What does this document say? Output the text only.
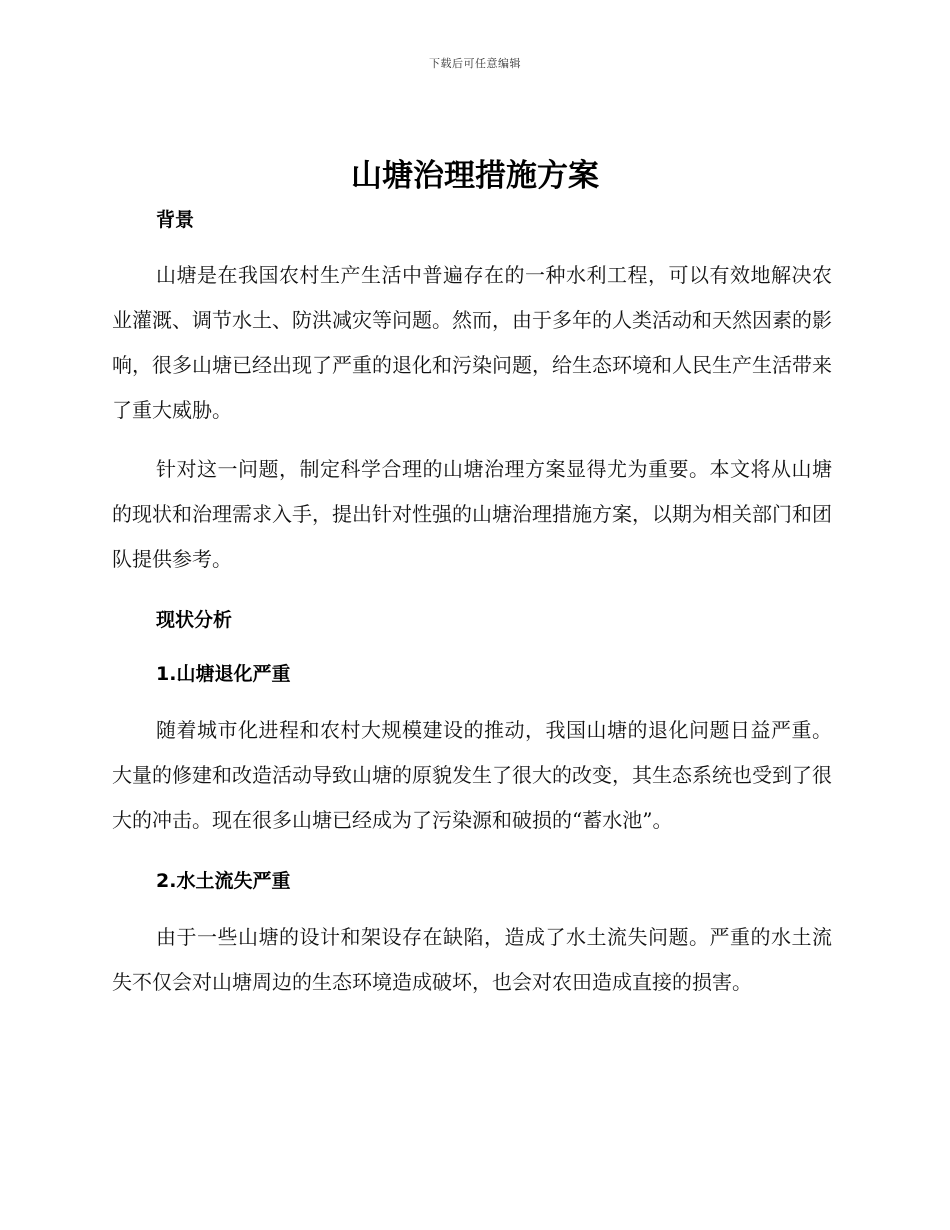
下载后可任意编辑
山塘治理措施方案
背景

山塘是在我国农村生产生活中普遍存在的一种水利工程，可以有效地解决农业灌溉、调节水土、防洪减灾等问题。然而，由于多年的人类活动和天然因素的影响，很多山塘已经出现了严重的退化和污染问题，给生态环境和人民生产生活带来了重大威胁。

针对这一问题，制定科学合理的山塘治理方案显得尤为重要。本文将从山塘的现状和治理需求入手，提出针对性强的山塘治理措施方案，以期为相关部门和团队提供参考。

现状分析
1.山塘退化严重

随着城市化进程和农村大规模建设的推动，我国山塘的退化问题日益严重。大量的修建和改造活动导致山塘的原貌发生了很大的改变，其生态系统也受到了很大的冲击。现在很多山塘已经成为了污染源和破损的“蓄水池”。

2.水土流失严重

由于一些山塘的设计和架设存在缺陷，造成了水土流失问题。严重的水土流失不仅会对山塘周边的生态环境造成破坏，也会对农田造成直接的损害。
